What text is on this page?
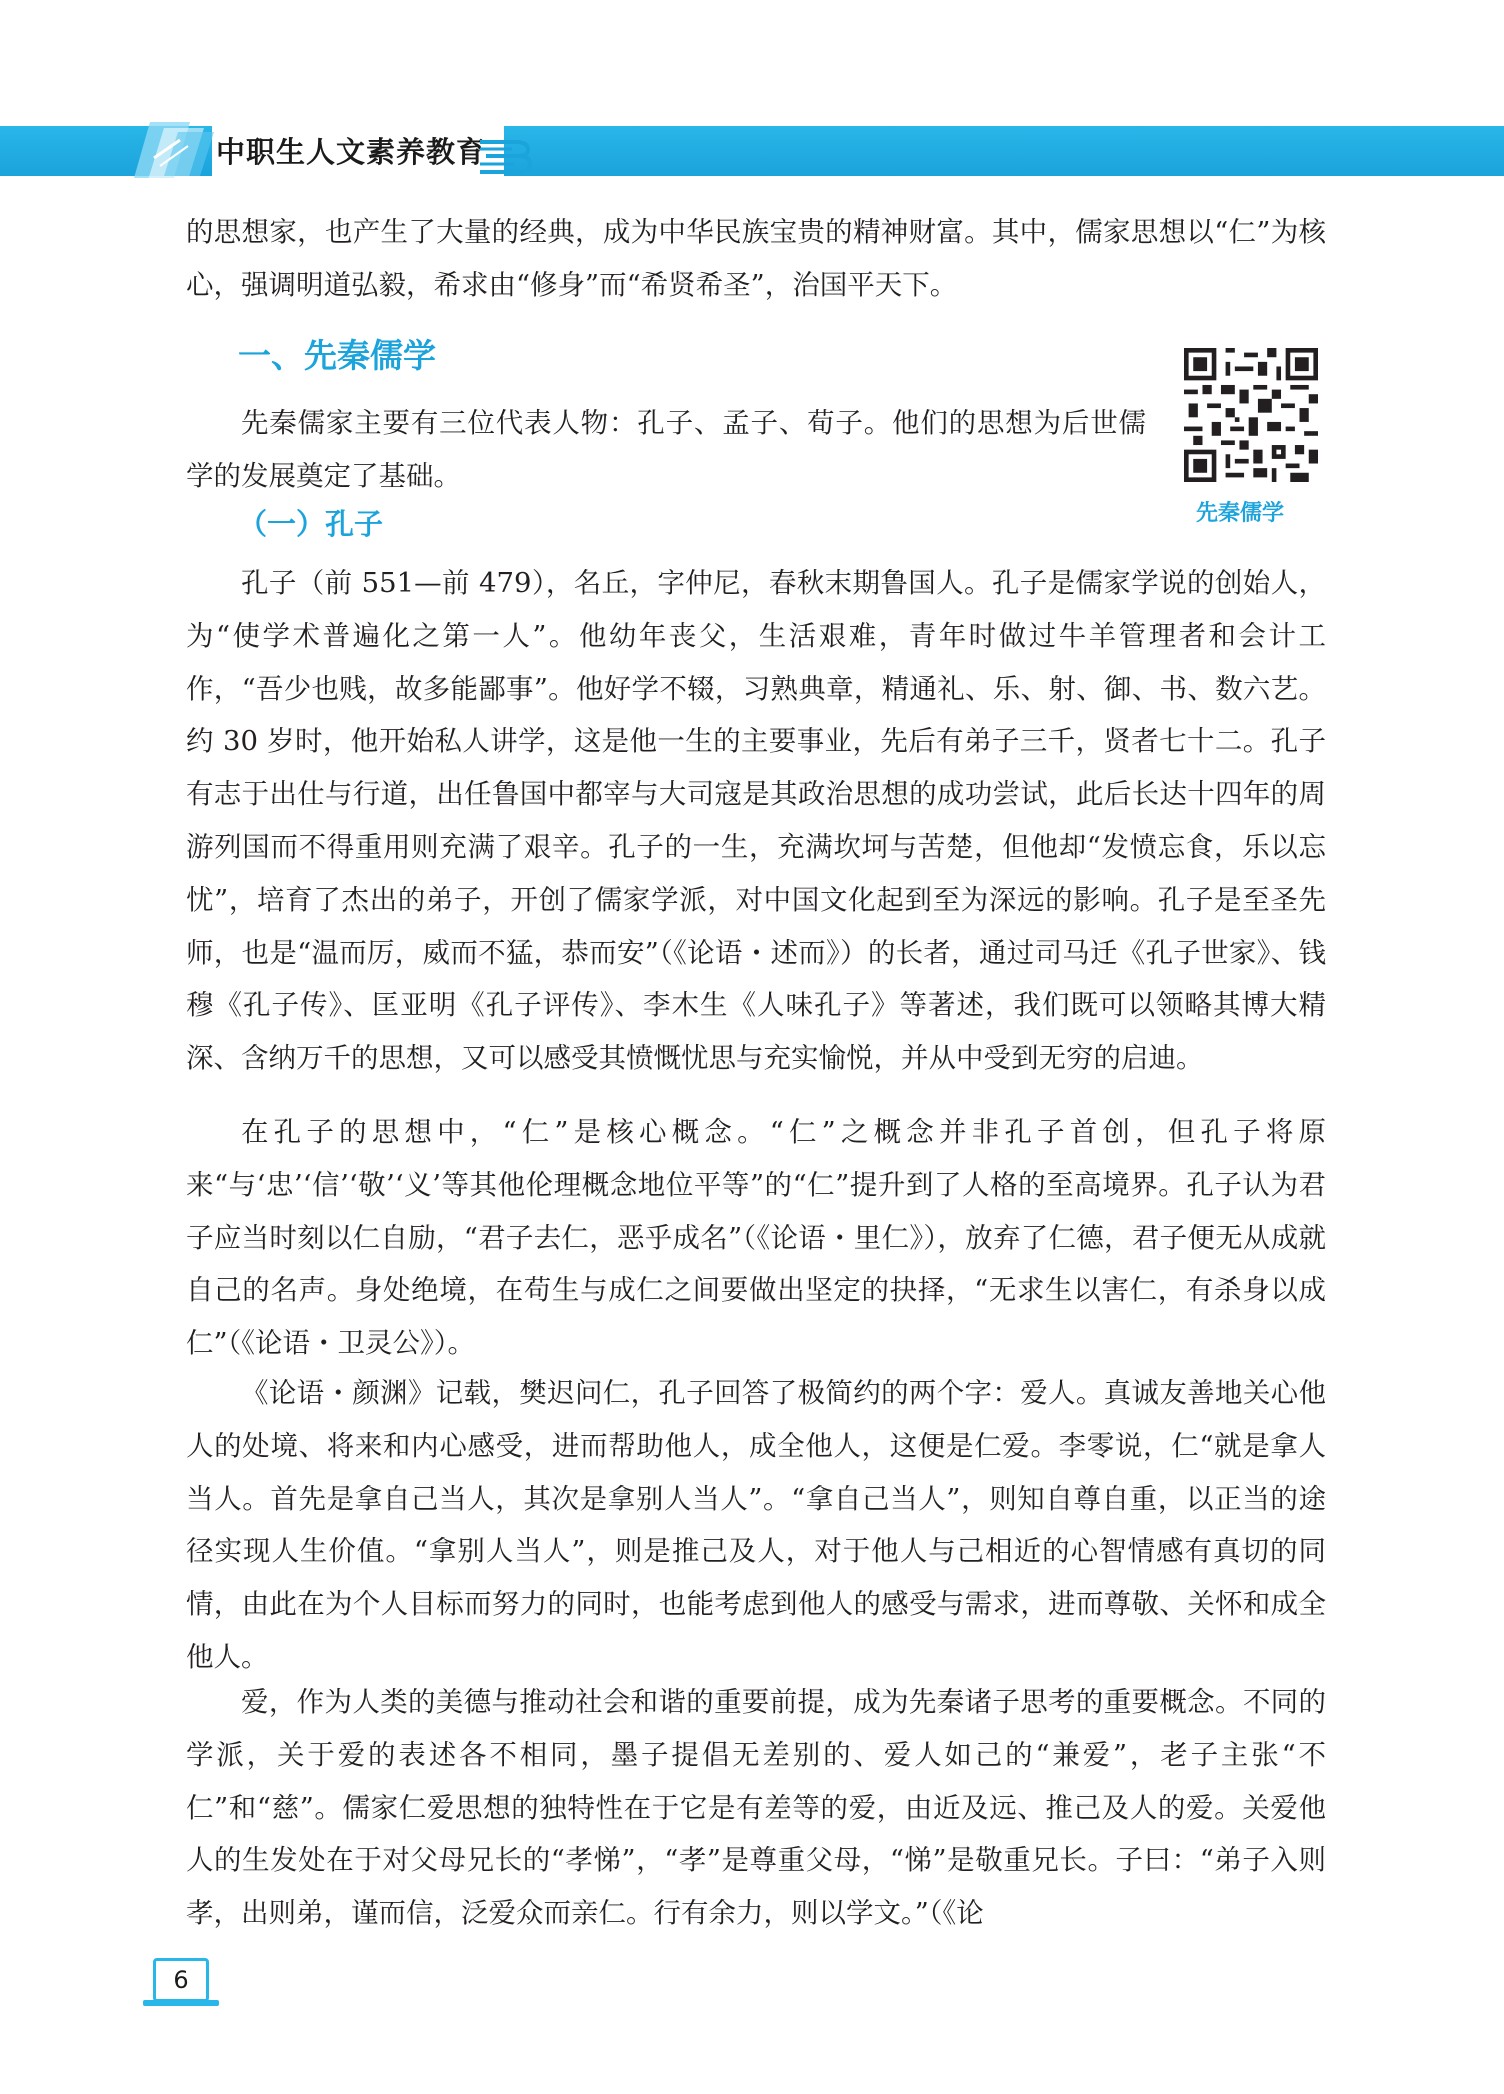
中职生人文素养教育

的思想家，也产生了大量的经典，成为中华民族宝贵的精神财富。其中，儒家思想以“仁”为核心，强调明道弘毅，希求由“修身”而“希贤希圣”，治国平天下。

一、先秦儒学
先秦儒学

先秦儒家主要有三位代表人物：孔子、孟子、荀子。他们的思想为后世儒学的发展奠定了基础。

（一）孔子

孔子（前 551—前 479），名丘，字仲尼，春秋末期鲁国人。孔子是儒家学说的创始人，为“使学术普遍化之第一人”。他幼年丧父，生活艰难，青年时做过牛羊管理者和会计工作，“吾少也贱，故多能鄙事”。他好学不辍，习熟典章，精通礼、乐、射、御、书、数六艺。约 30 岁时，他开始私人讲学，这是他一生的主要事业，先后有弟子三千，贤者七十二。孔子有志于出仕与行道，出任鲁国中都宰与大司寇是其政治思想的成功尝试，此后长达十四年的周游列国而不得重用则充满了艰辛。孔子的一生，充满坎坷与苦楚，但他却“发愤忘食，乐以忘忧”，培育了杰出的弟子，开创了儒家学派，对中国文化起到至为深远的影响。孔子是至圣先师，也是“温而厉，威而不猛，恭而安”（《论语・述而》）的长者，通过司马迁《孔子世家》、钱穆《孔子传》、匡亚明《孔子评传》、李木生《人味孔子》等著述，我们既可以领略其博大精深、含纳万千的思想，又可以感受其愤慨忧思与充实愉悦，并从中受到无穷的启迪。

在孔子的思想中，“仁”是核心概念。“仁”之概念并非孔子首创，但孔子将原来“与‘忠’‘信’‘敬’‘义’等其他伦理概念地位平等”的“仁”提升到了人格的至高境界。孔子认为君子应当时刻以仁自励，“君子去仁，恶乎成名”（《论语・里仁》），放弃了仁德，君子便无从成就自己的名声。身处绝境，在苟生与成仁之间要做出坚定的抉择，“无求生以害仁，有杀身以成仁”（《论语・卫灵公》）。

《论语・颜渊》记载，樊迟问仁，孔子回答了极简约的两个字：爱人。真诚友善地关心他人的处境、将来和内心感受，进而帮助他人，成全他人，这便是仁爱。李零说，仁“就是拿人当人。首先是拿自己当人，其次是拿别人当人”。“拿自己当人”，则知自尊自重，以正当的途径实现人生价值。“拿别人当人”，则是推己及人，对于他人与己相近的心智情感有真切的同情，由此在为个人目标而努力的同时，也能考虑到他人的感受与需求，进而尊敬、关怀和成全他人。

爱，作为人类的美德与推动社会和谐的重要前提，成为先秦诸子思考的重要概念。不同的学派，关于爱的表述各不相同，墨子提倡无差别的、爱人如己的“兼爱”，老子主张“不仁”和“慈”。儒家仁爱思想的独特性在于它是有差等的爱，由近及远、推己及人的爱。关爱他人的生发处在于对父母兄长的“孝悌”，“孝”是尊重父母，“悌”是敬重兄长。子曰：“弟子入则孝，出则弟，谨而信，泛爱众而亲仁。行有余力，则以学文。”（《论

6
